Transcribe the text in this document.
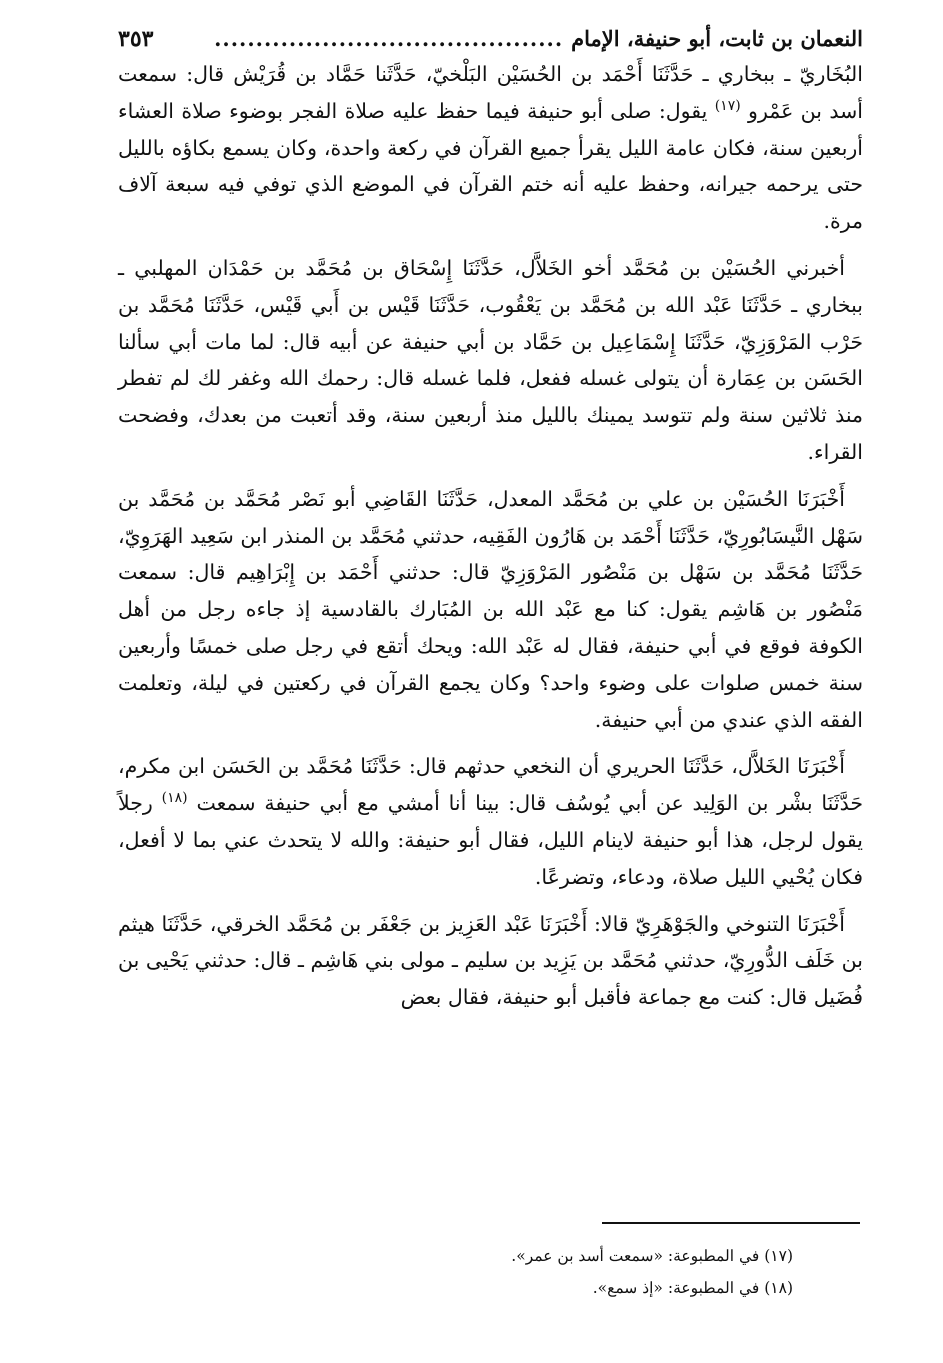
النعمان بن ثابت، أبو حنيفة، الإمام
..........................................
٣٥٣

البُخَاريّ ـ ببخاري ـ حَدَّثَنَا أَحْمَد بن الحُسَيْن البَلْخيّ، حَدَّثَنا حَمَّاد بن قُرَيْش قال: سمعت أسد بن عَمْرو $^{(١٧)}$ يقول: صلى أبو حنيفة فيما حفظ عليه صلاة الفجر بوضوء صلاة العشاء أربعين سنة، فكان عامة الليل يقرأ جميع القرآن في ركعة واحدة، وكان يسمع بكاؤه بالليل حتى يرحمه جيرانه، وحفظ عليه أنه ختم القرآن في الموضع الذي توفي فيه سبعة آلاف مرة.

أخبرني الحُسَيْن بن مُحَمَّد أخو الخَلاَّل، حَدَّثَنَا إِسْحَاق بن مُحَمَّد بن حَمْدَان المهلبي ـ ببخاري ـ حَدَّثَنَا عَبْد الله بن مُحَمَّد بن يَعْقُوب، حَدَّثَنَا قَيْس بن أَبي قَيْس، حَدَّثَنَا مُحَمَّد بن حَرْب المَرْوَزِيّ، حَدَّثَنَا إِسْمَاعِيل بن حَمَّاد بن أبي حنيفة عن أبيه قال: لما مات أبي سألنا الحَسَن بن عِمَارة أن يتولى غسله ففعل، فلما غسله قال: رحمك الله وغفر لك لم تفطر منذ ثلاثين سنة ولم تتوسد يمينك بالليل منذ أربعين سنة، وقد أتعبت من بعدك، وفضحت القراء.

أَخْبَرَنَا الحُسَيْن بن علي بن مُحَمَّد المعدل، حَدَّثَنَا القَاضِي أبو نَصْر مُحَمَّد بن مُحَمَّد بن سَهْل النَّيسَابُورِيّ، حَدَّثَنَا أَحْمَد بن هَارُون الفَقِيه، حدثني مُحَمَّد بن المنذر ابن سَعِيد الهَرَوِيّ، حَدَّثَنَا مُحَمَّد بن سَهْل بن مَنْصُور المَرْوَزِيّ قال: حدثني أَحْمَد بن إِبْرَاهِيم قال: سمعت مَنْصُور بن هَاشِم يقول: كنا مع عَبْد الله بن المُبَارك بالقادسية إذ جاءه رجل من أهل الكوفة فوقع في أبي حنيفة، فقال له عَبْد الله: ويحك أتقع في رجل صلى خمسًا وأربعين سنة خمس صلوات على وضوء واحد؟ وكان يجمع القرآن في ركعتين في ليلة، وتعلمت الفقه الذي عندي من أبي حنيفة.

أَخْبَرَنَا الخَلاَّل، حَدَّثَنَا الحريري أن النخعي حدثهم قال: حَدَّثَنَا مُحَمَّد بن الحَسَن ابن مكرم، حَدَّثَنَا بشْر بن الوَلِيد عن أبي يُوسُف قال: بينا أنا أمشي مع أبي حنيفة سمعت $^{(١٨)}$ رجلاً يقول لرجل، هذا أبو حنيفة لاينام الليل، فقال أبو حنيفة: والله لا يتحدث عني بما لا أفعل، فكان يُحْيي الليل صلاة، ودعاء، وتضرعًا.

أَخْبَرَنَا التنوخي والجَوْهَرِيّ قالا: أَخْبَرَنَا عَبْد العَزِيز بن جَعْفَر بن مُحَمَّد الخرقي، حَدَّثَنَا هيثم بن خَلَف الدُّورِيّ، حدثني مُحَمَّد بن يَزِيد بن سليم ـ مولى بني هَاشِم ـ قال: حدثني يَحْيى بن فُضَيل قال: كنت مع جماعة فأقبل أبو حنيفة، فقال بعض

(١٧) في المطبوعة: «سمعت أسد بن عمر».
(١٨) في المطبوعة: «إذ سمع».
